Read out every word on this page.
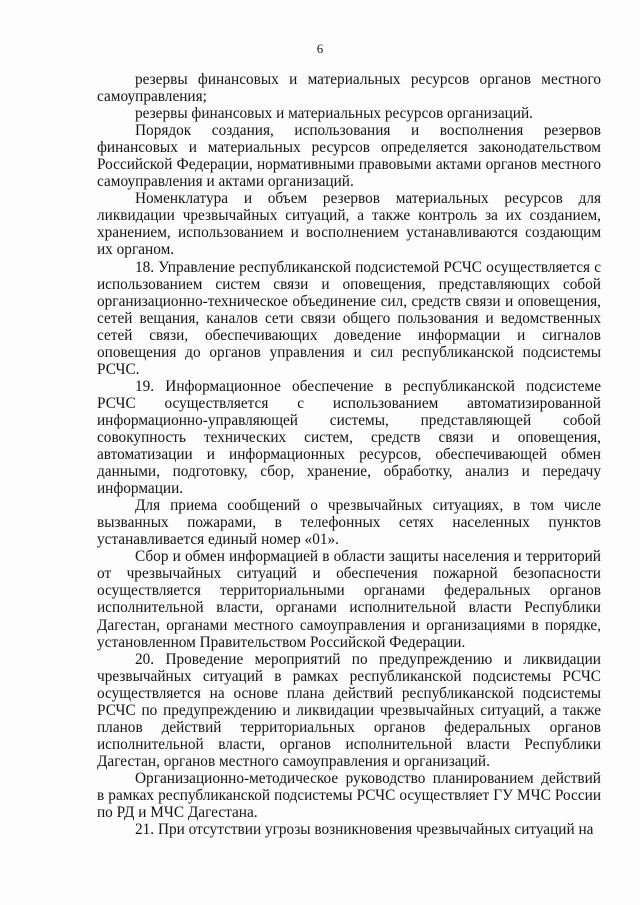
6

резервы финансовых и материальных ресурсов органов местного самоуправления;

резервы финансовых и материальных ресурсов организаций.

Порядок создания, использования и восполнения резервов финансовых и материальных ресурсов определяется законодательством Российской Федерации, нормативными правовыми актами органов местного самоуправления и актами организаций.

Номенклатура и объем резервов материальных ресурсов для ликвидации чрезвычайных ситуаций, а также контроль за их созданием, хранением, использованием и восполнением устанавливаются создающим их органом.

18. Управление республиканской подсистемой РСЧС осуществляется с использованием систем связи и оповещения, представляющих собой организационно-техническое объединение сил, средств связи и оповещения, сетей вещания, каналов сети связи общего пользования и ведомственных сетей связи, обеспечивающих доведение информации и сигналов оповещения до органов управления и сил республиканской подсистемы РСЧС.

19. Информационное обеспечение в республиканской подсистеме РСЧС осуществляется с использованием автоматизированной информационно-управляющей системы, представляющей собой совокупность технических систем, средств связи и оповещения, автоматизации и информационных ресурсов, обеспечивающей обмен данными, подготовку, сбор, хранение, обработку, анализ и передачу информации.

Для приема сообщений о чрезвычайных ситуациях, в том числе вызванных пожарами, в телефонных сетях населенных пунктов устанавливается единый номер «01».

Сбор и обмен информацией в области защиты населения и территорий от чрезвычайных ситуаций и обеспечения пожарной безопасности осуществляется территориальными органами федеральных органов исполнительной власти, органами исполнительной власти Республики Дагестан, органами местного самоуправления и организациями в порядке, установленном Правительством Российской Федерации.

20. Проведение мероприятий по предупреждению и ликвидации чрезвычайных ситуаций в рамках республиканской подсистемы РСЧС осуществляется на основе плана действий республиканской подсистемы РСЧС по предупреждению и ликвидации чрезвычайных ситуаций, а также планов действий территориальных органов федеральных органов исполнительной власти, органов исполнительной власти Республики Дагестан, органов местного самоуправления и организаций.

Организационно-методическое руководство планированием действий в рамках республиканской подсистемы РСЧС осуществляет ГУ МЧС России по РД и МЧС Дагестана.

21. При отсутствии угрозы возникновения чрезвычайных ситуаций на
